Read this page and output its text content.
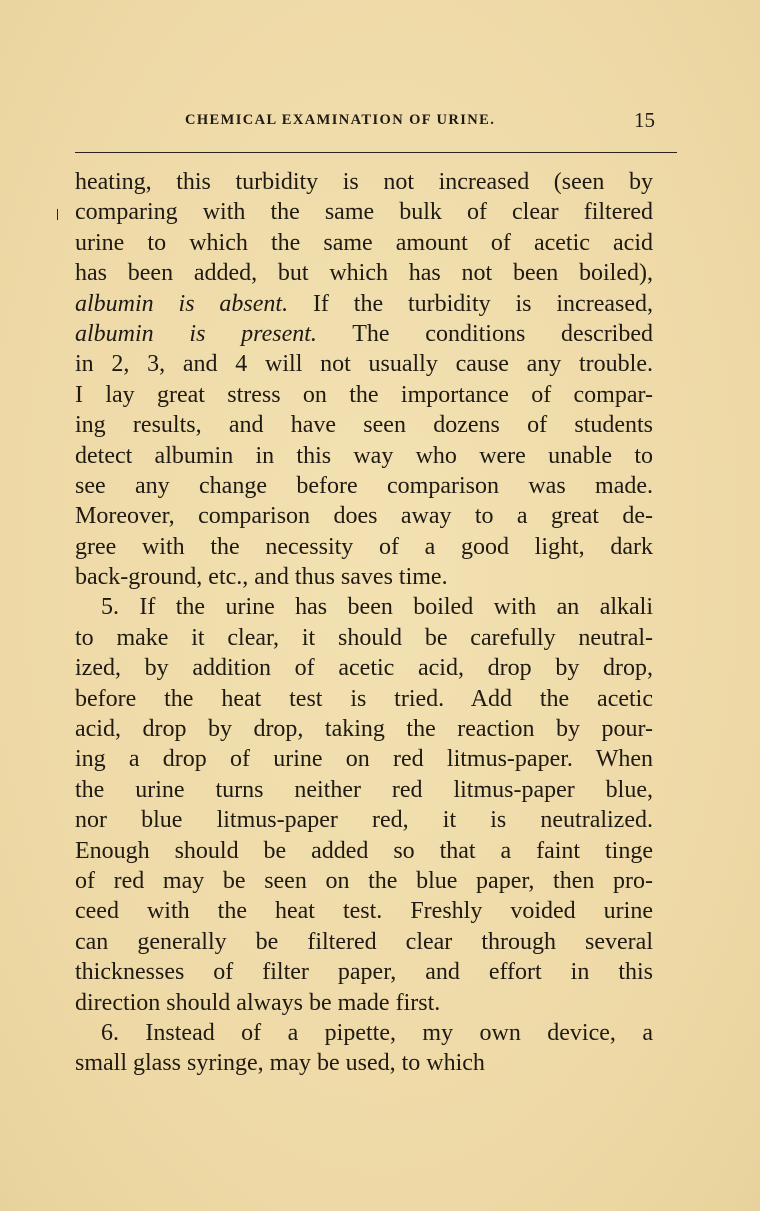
CHEMICAL EXAMINATION OF URINE.	15
heating, this turbidity is not increased (seen by
comparing with the same bulk of clear filtered
urine to which the same amount of acetic acid
has been added, but which has not been boiled),
albumin is absent. If the turbidity is increased,
albumin is present. The conditions described
in 2, 3, and 4 will not usually cause any trouble.
I lay great stress on the importance of compar-
ing results, and have seen dozens of students
detect albumin in this way who were unable to
see any change before comparison was made.
Moreover, comparison does away to a great de-
gree with the necessity of a good light, dark
back-ground, etc., and thus saves time.
5. If the urine has been boiled with an alkali
to make it clear, it should be carefully neutral-
ized, by addition of acetic acid, drop by drop,
before the heat test is tried. Add the acetic
acid, drop by drop, taking the reaction by pour-
ing a drop of urine on red litmus-paper. When
the urine turns neither red litmus-paper blue,
nor blue litmus-paper red, it is neutralized.
Enough should be added so that a faint tinge
of red may be seen on the blue paper, then pro-
ceed with the heat test. Freshly voided urine
can generally be filtered clear through several
thicknesses of filter paper, and effort in this
direction should always be made first.
6. Instead of a pipette, my own device, a
small glass syringe, may be used, to which
